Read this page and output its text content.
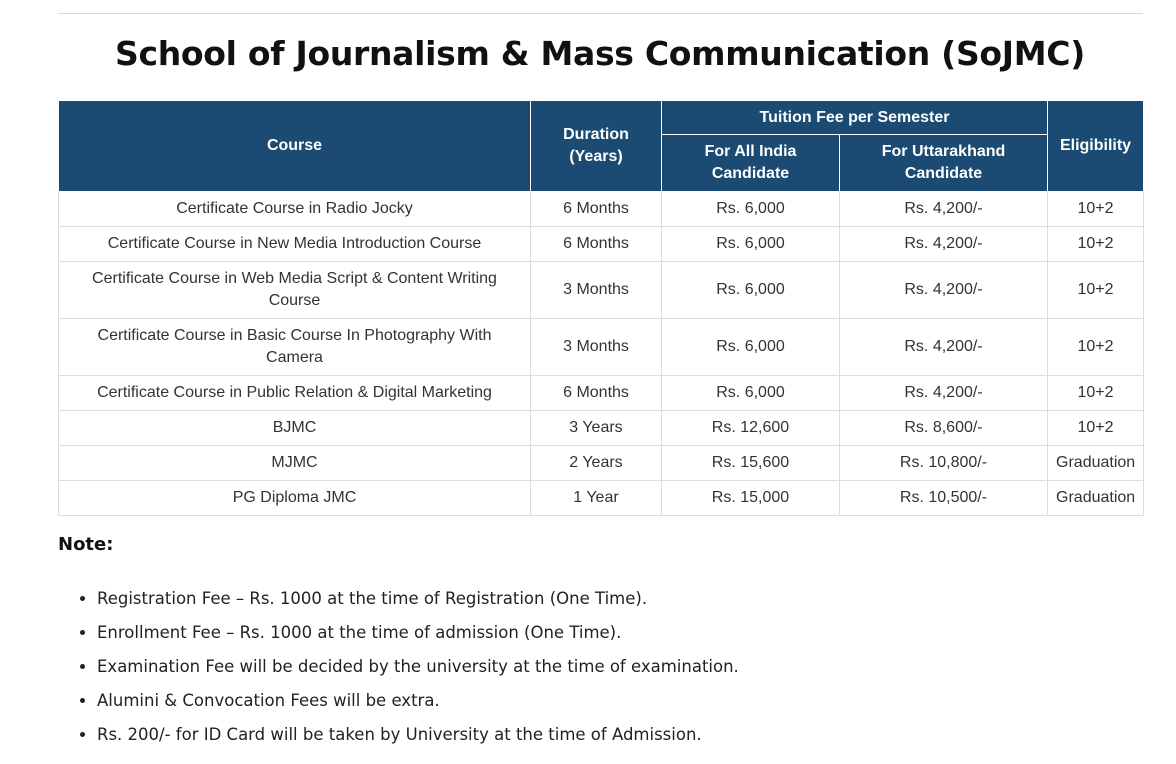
School of Journalism & Mass Communication (SoJMC)
Course	Duration (Years)	Tuition Fee per Semester		Eligibility
		For All India Candidate	For Uttarakhand Candidate	
Certificate Course in Radio Jocky	6 Months	Rs. 6,000	Rs. 4,200/-	10+2
Certificate Course in New Media Introduction Course	6 Months	Rs. 6,000	Rs. 4,200/-	10+2
Certificate Course in Web Media Script & Content Writing Course	3 Months	Rs. 6,000	Rs. 4,200/-	10+2
Certificate Course in Basic Course In Photography With Camera	3 Months	Rs. 6,000	Rs. 4,200/-	10+2
Certificate Course in Public Relation & Digital Marketing	6 Months	Rs. 6,000	Rs. 4,200/-	10+2
BJMC	3 Years	Rs. 12,600	Rs. 8,600/-	10+2
MJMC	2 Years	Rs. 15,600	Rs. 10,800/-	Graduation
PG Diploma JMC	1 Year	Rs. 15,000	Rs. 10,500/-	Graduation
Note:
• Registration Fee – Rs. 1000 at the time of Registration (One Time).
• Enrollment Fee – Rs. 1000 at the time of admission (One Time).
• Examination Fee will be decided by the university at the time of examination.
• Alumini & Convocation Fees will be extra.
• Rs. 200/- for ID Card will be taken by University at the time of Admission.
